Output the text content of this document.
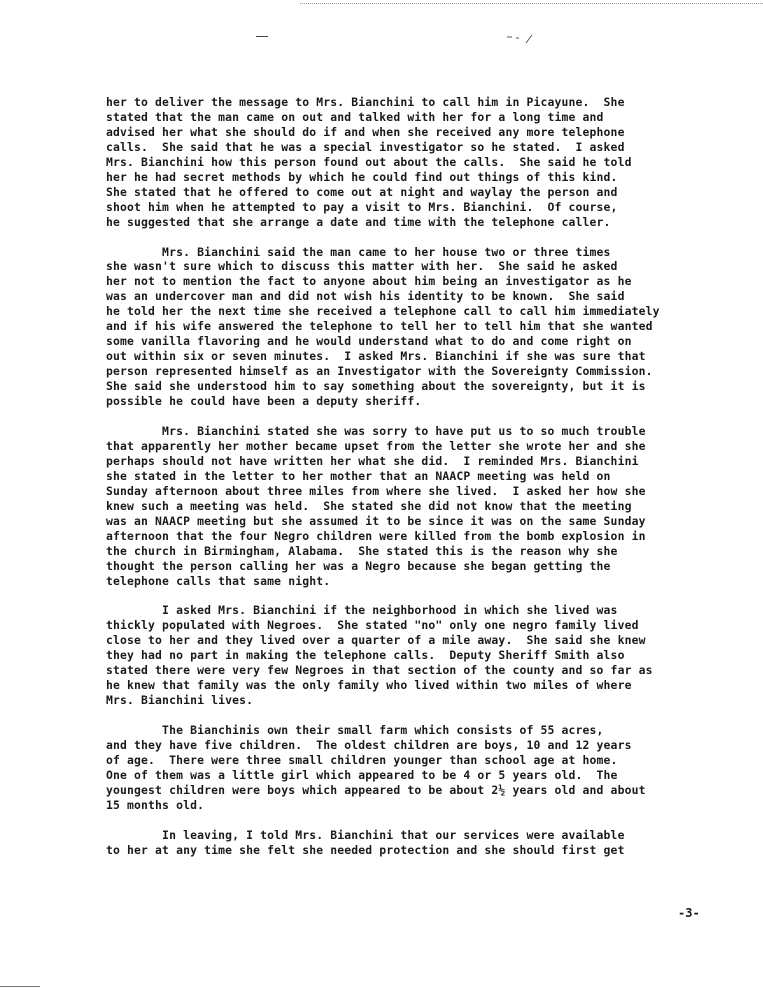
her to deliver the message to Mrs. Bianchini to call him in Picayune.  She
stated that the man came on out and talked with her for a long time and
advised her what she should do if and when she received any more telephone
calls.  She said that he was a special investigator so he stated.  I asked
Mrs. Bianchini how this person found out about the calls.  She said he told
her he had secret methods by which he could find out things of this kind.
She stated that he offered to come out at night and waylay the person and
shoot him when he attempted to pay a visit to Mrs. Bianchini.  Of course,
he suggested that she arrange a date and time with the telephone caller.
Mrs. Bianchini said the man came to her house two or three times
she wasn't sure which to discuss this matter with her.  She said he asked
her not to mention the fact to anyone about him being an investigator as he
was an undercover man and did not wish his identity to be known.  She said
he told her the next time she received a telephone call to call him immediately
and if his wife answered the telephone to tell her to tell him that she wanted
some vanilla flavoring and he would understand what to do and come right on
out within six or seven minutes.  I asked Mrs. Bianchini if she was sure that
person represented himself as an Investigator with the Sovereignty Commission.
She said she understood him to say something about the sovereignty, but it is
possible he could have been a deputy sheriff.
Mrs. Bianchini stated she was sorry to have put us to so much trouble
that apparently her mother became upset from the letter she wrote her and she
perhaps should not have written her what she did.  I reminded Mrs. Bianchini
she stated in the letter to her mother that an NAACP meeting was held on
Sunday afternoon about three miles from where she lived.  I asked her how she
knew such a meeting was held.  She stated she did not know that the meeting
was an NAACP meeting but she assumed it to be since it was on the same Sunday
afternoon that the four Negro children were killed from the bomb explosion in
the church in Birmingham, Alabama.  She stated this is the reason why she
thought the person calling her was a Negro because she began getting the
telephone calls that same night.
I asked Mrs. Bianchini if the neighborhood in which she lived was
thickly populated with Negroes.  She stated "no" only one negro family lived
close to her and they lived over a quarter of a mile away.  She said she knew
they had no part in making the telephone calls.  Deputy Sheriff Smith also
stated there were very few Negroes in that section of the county and so far as
he knew that family was the only family who lived within two miles of where
Mrs. Bianchini lives.
The Bianchinis own their small farm which consists of 55 acres,
and they have five children.  The oldest children are boys, 10 and 12 years
of age.  There were three small children younger than school age at home.
One of them was a little girl which appeared to be 4 or 5 years old.  The
youngest children were boys which appeared to be about 2½ years old and about
15 months old.
In leaving, I told Mrs. Bianchini that our services were available
to her at any time she felt she needed protection and she should first get
-3-
